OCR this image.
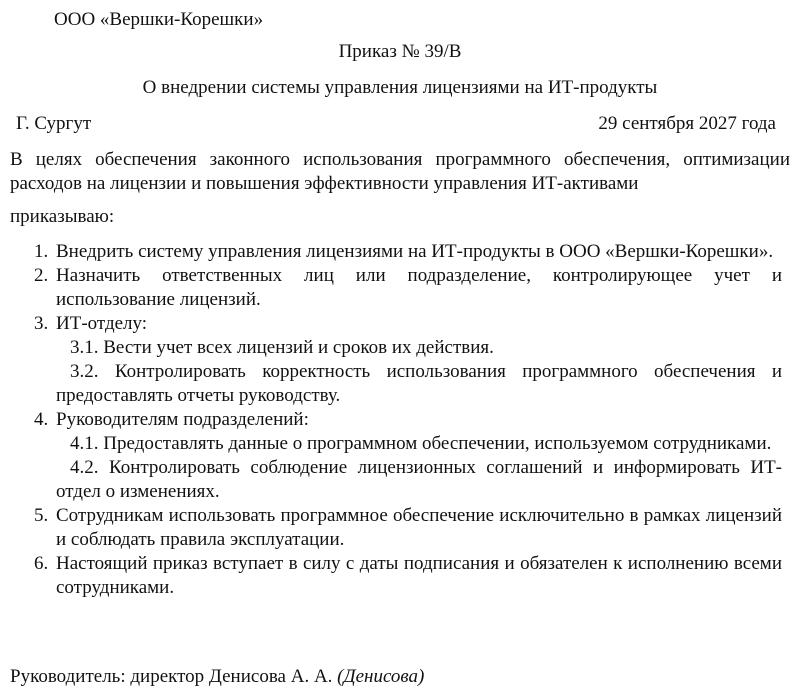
ООО «Вершки-Корешки»
Приказ № 39/В
О внедрении системы управления лицензиями на ИТ-продукты
Г. Сургут	29 сентября 2027 года
В целях обеспечения законного использования программного обеспечения, оптимизации расходов на лицензии и повышения эффективности управления ИТ-активами
приказываю:
1. Внедрить систему управления лицензиями на ИТ-продукты в ООО «Вершки-Корешки».
2. Назначить ответственных лиц или подразделение, контролирующее учет и использование лицензий.
3. ИТ-отделу:
3.1. Вести учет всех лицензий и сроков их действия.
3.2. Контролировать корректность использования программного обеспечения и предоставлять отчеты руководству.
4. Руководителям подразделений:
4.1. Предоставлять данные о программном обеспечении, используемом сотрудниками.
4.2. Контролировать соблюдение лицензионных соглашений и информировать ИТ-отдел о изменениях.
5. Сотрудникам использовать программное обеспечение исключительно в рамках лицензий и соблюдать правила эксплуатации.
6. Настоящий приказ вступает в силу с даты подписания и обязателен к исполнению всеми сотрудниками.
Руководитель: директор Денисова А. А. (Денисова)
